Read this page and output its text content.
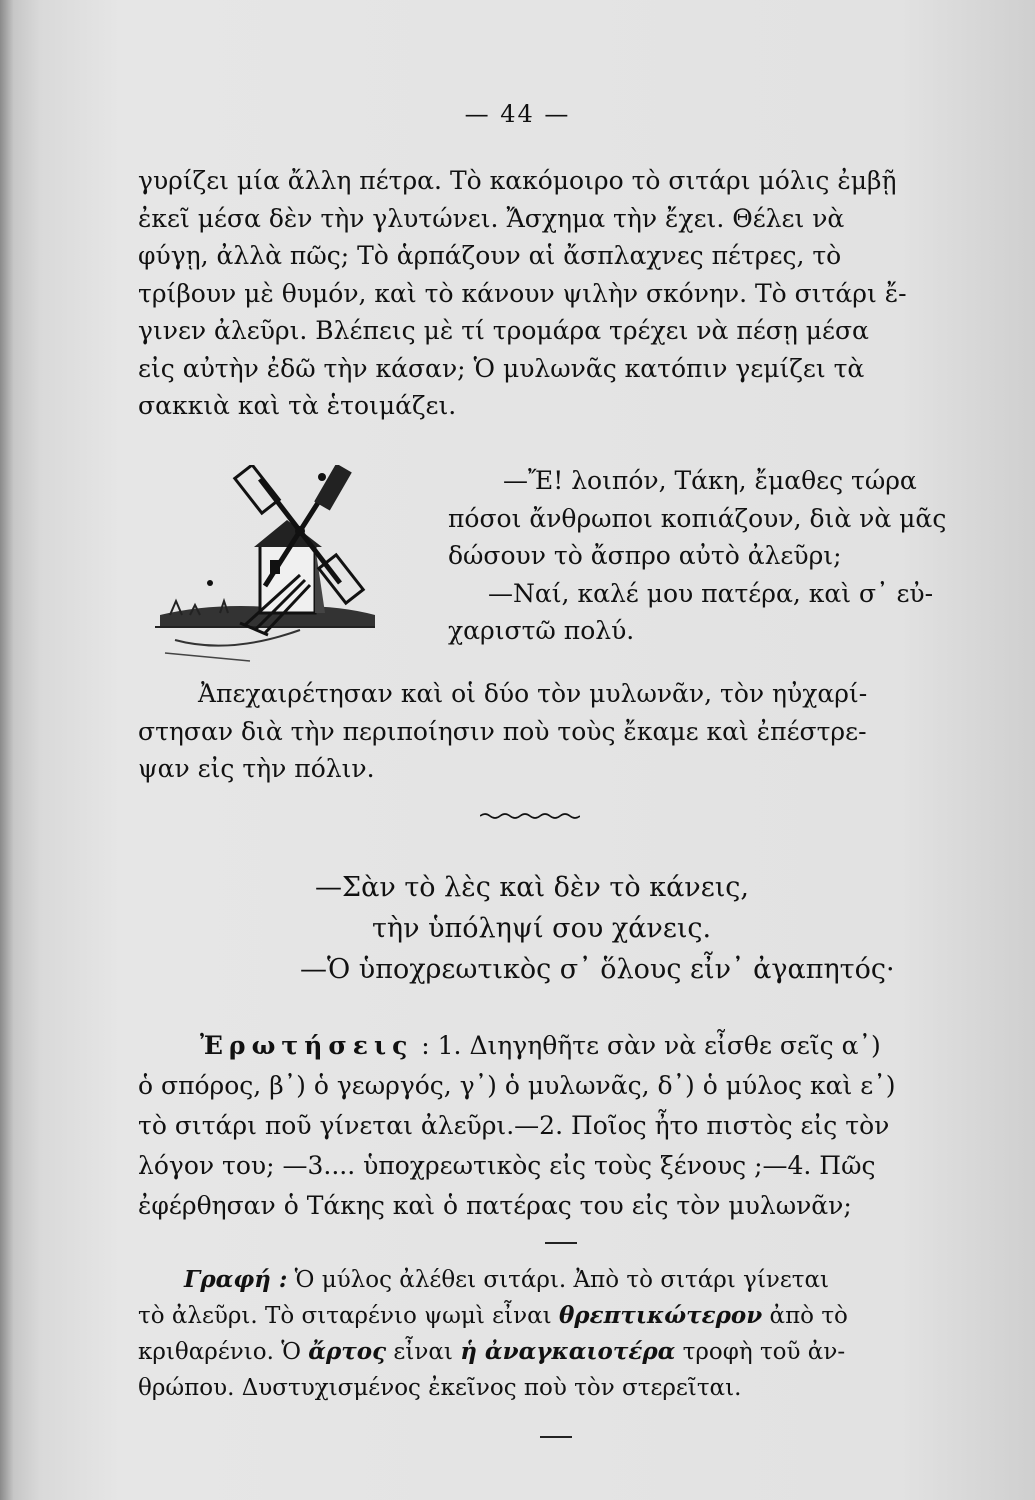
— 44 —
γυρίζει μία ἄλλη πέτρα. Τὸ κακόμοιρο τὸ σιτάρι μόλις ἐμβῇ
ἐκεῖ μέσα δὲν τὴν γλυτώνει. Ἄσχημα τὴν ἔχει. Θέλει νὰ
φύγῃ, ἀλλὰ πῶς; Τὸ ἁρπάζουν αἱ ἄσπλαχνες πέτρες, τὸ
τρίβουν μὲ θυμόν, καὶ τὸ κάνουν ψιλὴν σκόνην. Τὸ σιτάρι ἔ-
γινεν ἀλεῦρι. Βλέπεις μὲ τί τρομάρα τρέχει νὰ πέσῃ μέσα
εἰς αὐτὴν ἐδῶ τὴν κάσαν; Ὁ μυλωνᾶς κατόπιν γεμίζει τὰ
σακκιὰ καὶ τὰ ἑτοιμάζει.
—Ἔ! λοιπόν, Τάκη, ἔμαθες τώρα
πόσοι ἄνθρωποι κοπιάζουν, διὰ νὰ μᾶς
δώσουν τὸ ἄσπρο αὐτὸ ἀλεῦρι;
—Ναί, καλέ μου πατέρα, καὶ σ᾽ εὐ-
χαριστῶ πολύ.
Ἀπεχαιρέτησαν καὶ οἱ δύο τὸν μυλωνᾶν, τὸν ηὐχαρί-
στησαν διὰ τὴν περιποίησιν ποὺ τοὺς ἔκαμε καὶ ἐπέστρε-
ψαν εἰς τὴν πόλιν.
—Σὰν τὸ λὲς καὶ δὲν τὸ κάνεις,
τὴν ὑπόληψί σου χάνεις.
—Ὁ ὑποχρεωτικὸς σ᾽ ὅλους εἶν᾽ ἀγαπητός·
Ἐρωτήσεις : 1. Διηγηθῆτε σὰν νὰ εἶσθε σεῖς α᾽)
ὁ σπόρος, β᾽) ὁ γεωργός, γ᾽) ὁ μυλωνᾶς, δ᾽) ὁ μύλος καὶ ε᾽)
τὸ σιτάρι ποῦ γίνεται ἀλεῦρι.—2. Ποῖος ἦτο πιστὸς εἰς τὸν
λόγον του; —3.... ὑποχρεωτικὸς εἰς τοὺς ξένους ;—4. Πῶς
ἐφέρθησαν ὁ Τάκης καὶ ὁ πατέρας του εἰς τὸν μυλωνᾶν;
Γραφή : Ὁ μύλος ἀλέθει σιτάρι. Ἀπὸ τὸ σιτάρι γίνεται
τὸ ἀλεῦρι. Τὸ σιταρένιο ψωμὶ εἶναι θρεπτικώτερον ἀπὸ τὸ
κριθαρένιο. Ὁ ἄρτος εἶναι ἡ ἀναγκαιοτέρα τροφὴ τοῦ ἀν-
θρώπου. Δυστυχισμένος ἐκεῖνος ποὺ τὸν στερεῖται.
